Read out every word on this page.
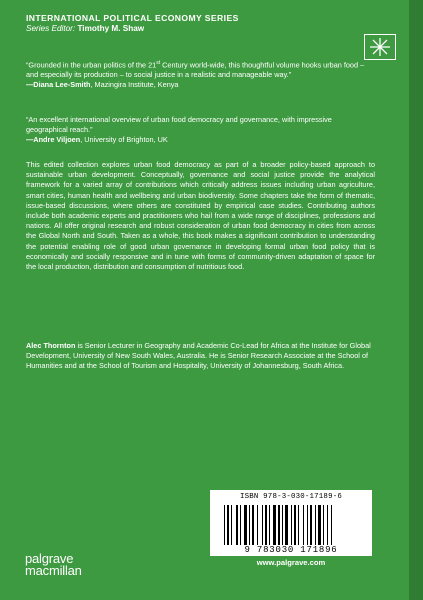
INTERNATIONAL POLITICAL ECONOMY SERIES
Series Editor: Timothy M. Shaw
“Grounded in the urban politics of the 21st Century world-wide, this thoughtful volume hooks urban food – and especially its production – to social justice in a realistic and manageable way.”
—Diana Lee-Smith, Mazingira Institute, Kenya
“An excellent international overview of urban food democracy and governance, with impressive geographical reach.”
—Andre Viljoen, University of Brighton, UK
This edited collection explores urban food democracy as part of a broader policy-based approach to sustainable urban development. Conceptually, governance and social justice provide the analytical framework for a varied array of contributions which critically address issues including urban agriculture, smart cities, human health and wellbeing and urban biodiversity. Some chapters take the form of thematic, issue-based discussions, where others are constituted by empirical case studies. Contributing authors include both academic experts and practitioners who hail from a wide range of disciplines, professions and nations. All offer original research and robust consideration of urban food democracy in cities from across the Global North and South. Taken as a whole, this book makes a significant contribution to understanding the potential enabling role of good urban governance in developing formal urban food policy that is economically and socially responsive and in tune with forms of community-driven adaptation of space for the local production, distribution and consumption of nutritious food.
Alec Thornton is Senior Lecturer in Geography and Academic Co-Lead for Africa at the Institute for Global Development, University of New South Wales, Australia. He is Senior Research Associate at the School of Humanities and at the School of Tourism and Hospitality, University of Johannesburg, South Africa.
ISBN 978-3-030-17189-6
9 783030 171896
www.palgrave.com
palgrave
macmillan
